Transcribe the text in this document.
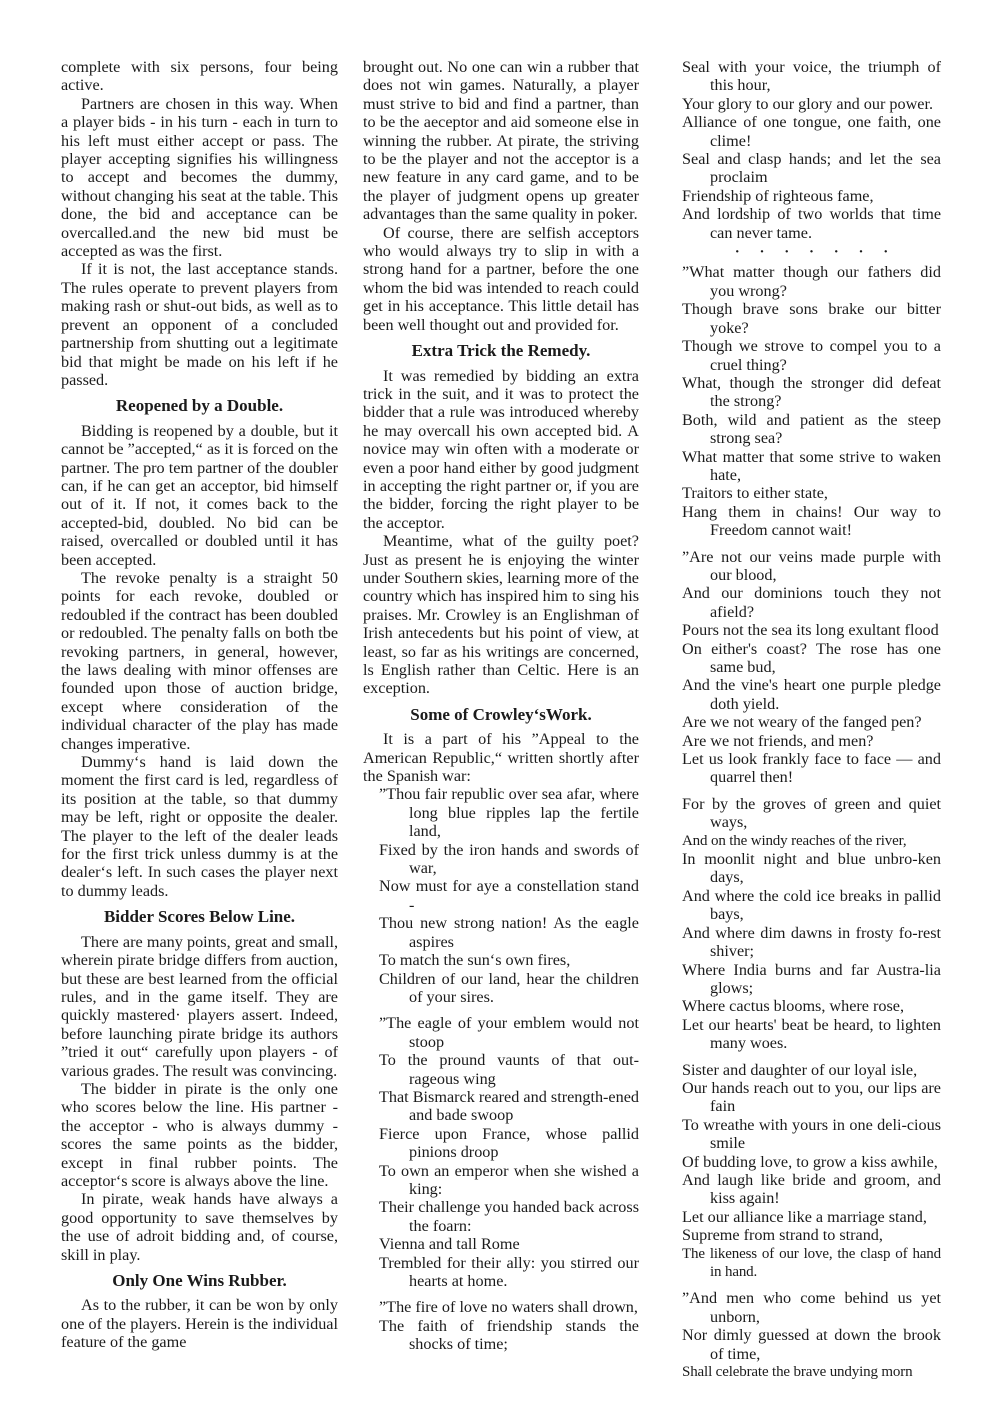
complete with six persons, four being active.

Partners are chosen in this way. When a player bids - in his turn - each in turn to his left must either accept or pass. The player accepting signifies his willingness to accept and becomes the dummy, without changing his seat at the table. This done, the bid and acceptance can be overcalled.and the new bid must be accepted as was the first.

If it is not, the last acceptance stands. The rules operate to prevent players from making rash or shut-out bids, as well as to prevent an opponent of a concluded partnership from shutting out a legitimate bid that might be made on his left if he passed.

Reopened by a Double.

Bidding is reopened by a double, but it cannot be ”accepted,“ as it is forced on the partner. The pro tem partner of the doubler can, if he can get an acceptor, bid himself out of it. If not, it comes back to the accepted-bid, doubled. No bid can be raised, overcalled or doubled until it has been accepted.

The revoke penalty is a straight 50 points for each revoke, doubled or redoubled if the contract has been doubled or redoubled. The penalty falls on both tbe revoking partners, in general, however, the laws dealing with minor offenses are founded upon those of auction bridge, except where consideration of the individual character of the play has made changes imperative.

Dummy‘s hand is laid down the moment the first card is led, regardless of its position at the table, so that dummy may be left, right or opposite the dealer. The player to the left of the dealer leads for the first trick unless dummy is at the dealer‘s left. In such cases the player next to dummy leads.

Bidder Scores Below Line.

There are many points, great and small, wherein pirate bridge differs from auction, but these are best learned from the official rules, and in the game itself. They are quickly mastered· players assert. Indeed, before launching pirate bridge its authors ”tried it out“ carefully upon players - of various grades. The result was convincing.

The bidder in pirate is the only one who scores below the line. His partner - the acceptor - who is always dummy - scores the same points as the bidder, except in final rubber points. The acceptor‘s score is always above the line.

In pirate, weak hands have always a good opportunity to save themselves by the use of adroit bidding and, of course, skill in play.

Only One Wins Rubber.

As to the rubber, it can be won by only one of the players. Herein is the individual feature of the game

brought out. No one can win a rubber that does not win games. Naturally, a player must strive to bid and find a partner, than to be the aeceptor and aid someone else in winning the rubber. At pirate, the striving to be the player and not the acceptor is a new feature in any card game, and to be the player of judgment opens up greater advantages than the same quality in poker.

Of course, there are selfish acceptors who would always try to slip in with a strong hand for a partner, before the one whom the bid was intended to reach could get in his acceptance. This little detail has been well thought out and provided for.

Extra Trick the Remedy.

It was remedied by bidding an extra trick in the suit, and it was to protect the bidder that a rule was introduced whereby he may overcall his own accepted bid. A novice may win often with a moderate or even a poor hand either by good judgment in accepting the right partner or, if you are the bidder, forcing the right player to be the acceptor.

Meantime, what of the guilty poet? Just as present he is enjoying the winter under Southern skies, learning more of the country which has inspired him to sing his praises. Mr. Crowley is an Englishman of Irish antecedents but his point of view, at least, so far as his writings are concerned, ls English rather than Celtic. Here is an exception.

Some of Crowley‘sWork.

It is a part of his ”Appeal to the American Republic,“ written shortly after the Spanish war:

”Thou fair republic over sea afar, where long blue ripples lap the fertile land,
Fixed by the iron hands and swords of war,
Now must for aye a constellation stand -
Thou new strong nation! As the eagle aspires
To match the sun‘s own fires,
Children of our land, hear the children of your sires.
”The eagle of your emblem would not stoop
To the pround vaunts of that out-rageous wing
That Bismarck reared and strength-ened and bade swoop
Fierce upon France, whose pallid pinions droop
To own an emperor when she wished a king:
Their challenge you handed back across the foarn:
Vienna and tall Rome
Trembled for their ally: you stirred our hearts at home.
”The fire of love no waters shall drown,
The faith of friendship stands the shocks of time;
Seal with your voice, the triumph of this hour,
Your glory to our glory and our power.
Alliance of one tongue, one faith, one clime!
Seal and clasp hands; and let the sea proclaim
Friendship of righteous fame,
And lordship of two worlds that time can never tame.
· · · · · · ·
”What matter though our fathers did you wrong?
Though brave sons brake our bitter yoke?
Though we strove to compel you to a cruel thing?
What, though the stronger did defeat the strong?
Both, wild and patient as the steep strong sea?
What matter that some strive to waken hate,
Traitors to either state,
Hang them in chains! Our way to Freedom cannot wait!
”Are not our veins made purple with our blood,
And our dominions touch they not afield?
Pours not the sea its long exultant flood
On either's coast? The rose has one same bud,
And the vine's heart one purple pledge doth yield.
Are we not weary of the fanged pen?
Are we not friends, and men?
Let us look frankly face to face — and quarrel then!
For by the groves of green and quiet ways,
And on the windy reaches of the river,
In moonlit night and blue unbro-ken days,
And where the cold ice breaks in pallid bays,
And where dim dawns in frosty fo-rest shiver;
Where India burns and far Austra-lia glows;
Where cactus blooms, where rose,
Let our hearts' beat be heard, to lighten many woes.
Sister and daughter of our loyal isle,
Our hands reach out to you, our lips are fain
To wreathe with yours in one deli-cious smile
Of budding love, to grow a kiss awhile,
And laugh like bride and groom, and kiss again!
Let our alliance like a marriage stand,
Supreme from strand to strand,
The likeness of our love, the clasp of hand in hand.
”And men who come behind us yet unborn,
Nor dimly guessed at down the brook of time,
Shall celebrate the brave undying morn
